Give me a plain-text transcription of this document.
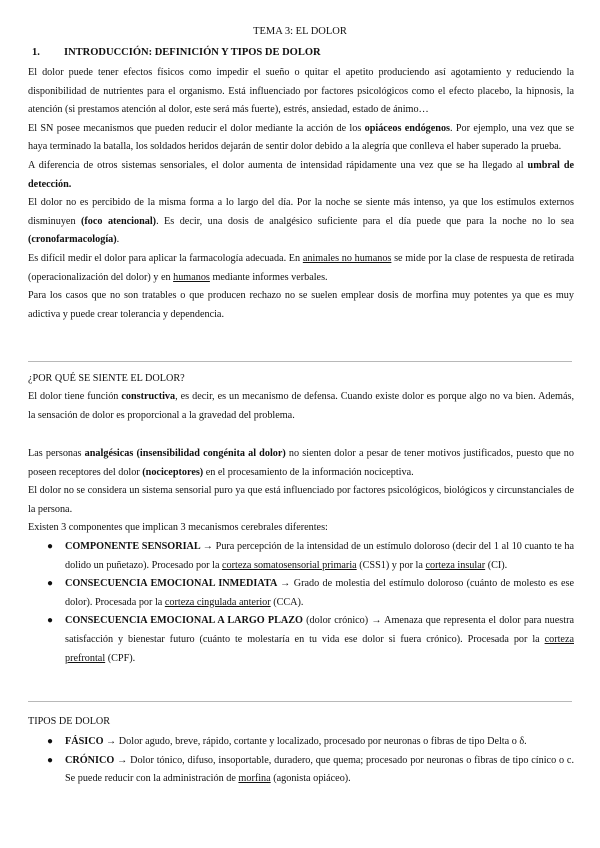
TEMA 3: EL DOLOR
1. INTRODUCCIÓN: DEFINICIÓN Y TIPOS DE DOLOR

El dolor puede tener efectos físicos como impedir el sueño o quitar el apetito produciendo así agotamiento y reduciendo la disponibilidad de nutrientes para el organismo. Está influenciado por factores psicológicos como el efecto placebo, la hipnosis, la atención (si prestamos atención al dolor, este será más fuerte), estrés, ansiedad, estado de ánimo…

El SN posee mecanismos que pueden reducir el dolor mediante la acción de los opiáceos endógenos. Por ejemplo, una vez que se haya terminado la batalla, los soldados heridos dejarán de sentir dolor debido a la alegría que conlleva el haber superado la prueba.

A diferencia de otros sistemas sensoriales, el dolor aumenta de intensidad rápidamente una vez que se ha llegado al umbral de detección.

El dolor no es percibido de la misma forma a lo largo del día. Por la noche se siente más intenso, ya que los estímulos externos disminuyen (foco atencional). Es decir, una dosis de analgésico suficiente para el día puede que para la noche no lo sea (cronofarmacología).

Es difícil medir el dolor para aplicar la farmacología adecuada. En animales no humanos se mide por la clase de respuesta de retirada (operacionalización del dolor) y en humanos mediante informes verbales.

Para los casos que no son tratables o que producen rechazo no se suelen emplear dosis de morfina muy potentes ya que es muy adictiva y puede crear tolerancia y dependencia.

¿POR QUÉ SE SIENTE EL DOLOR?

El dolor tiene función constructiva, es decir, es un mecanismo de defensa. Cuando existe dolor es porque algo no va bien. Además, la sensación de dolor es proporcional a la gravedad del problema.

Las personas analgésicas (insensibilidad congénita al dolor) no sienten dolor a pesar de tener motivos justificados, puesto que no poseen receptores del dolor (nociceptores) en el procesamiento de la información nociceptiva.

El dolor no se considera un sistema sensorial puro ya que está influenciado por factores psicológicos, biológicos y circunstanciales de la persona.

Existen 3 componentes que implican 3 mecanismos cerebrales diferentes:

● COMPONENTE SENSORIAL → Pura percepción de la intensidad de un estímulo doloroso (decir del 1 al 10 cuanto te ha dolido un puñetazo). Procesado por la corteza somatosensorial primaria (CSS1) y por la corteza insular (CI).
● CONSECUENCIA EMOCIONAL INMEDIATA → Grado de molestia del estímulo doloroso (cuánto de molesto es ese dolor). Procesada por la corteza cingulada anterior (CCA).
● CONSECUENCIA EMOCIONAL A LARGO PLAZO (dolor crónico) → Amenaza que representa el dolor para nuestra satisfacción y bienestar futuro (cuánto te molestaría en tu vida ese dolor si fuera crónico). Procesada por la corteza prefrontal (CPF).
TIPOS DE DOLOR
● FÁSICO → Dolor agudo, breve, rápido, cortante y localizado, procesado por neuronas o fibras de tipo Delta o δ.
● CRÓNICO → Dolor tónico, difuso, insoportable, duradero, que quema; procesado por neuronas o fibras de tipo cínico o c. Se puede reducir con la administración de morfina (agonista opiáceo).
